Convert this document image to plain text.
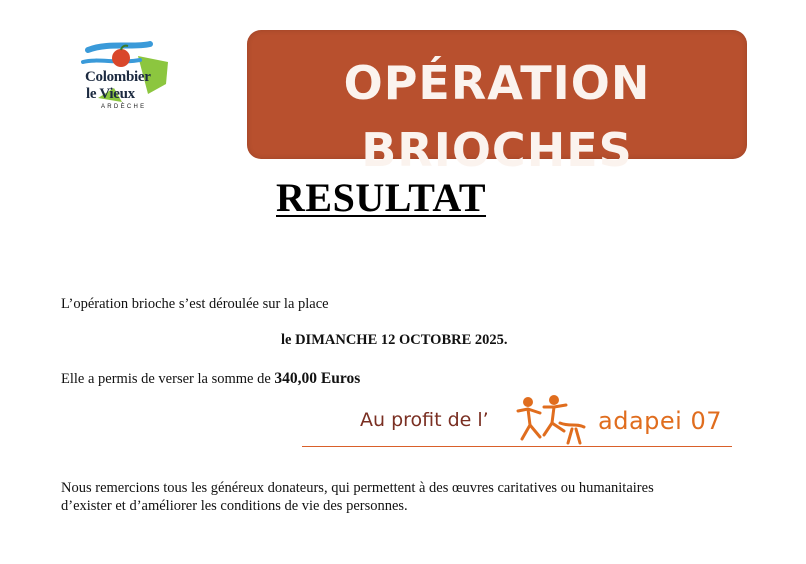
Colombier
le Vieux
ARDÈCHE	OPÉRATION
BRIOCHES
RESULTAT
L’opération brioche s’est déroulée sur la place
le DIMANCHE 12 OCTOBRE 2025.
Elle a permis de verser la somme de 340,00 Euros
Au profit de l’	adapei 07
Nous remercions tous les généreux donateurs, qui permettent à des œuvres caritatives ou humanitaires
d’exister et d’améliorer les conditions de vie des personnes.
